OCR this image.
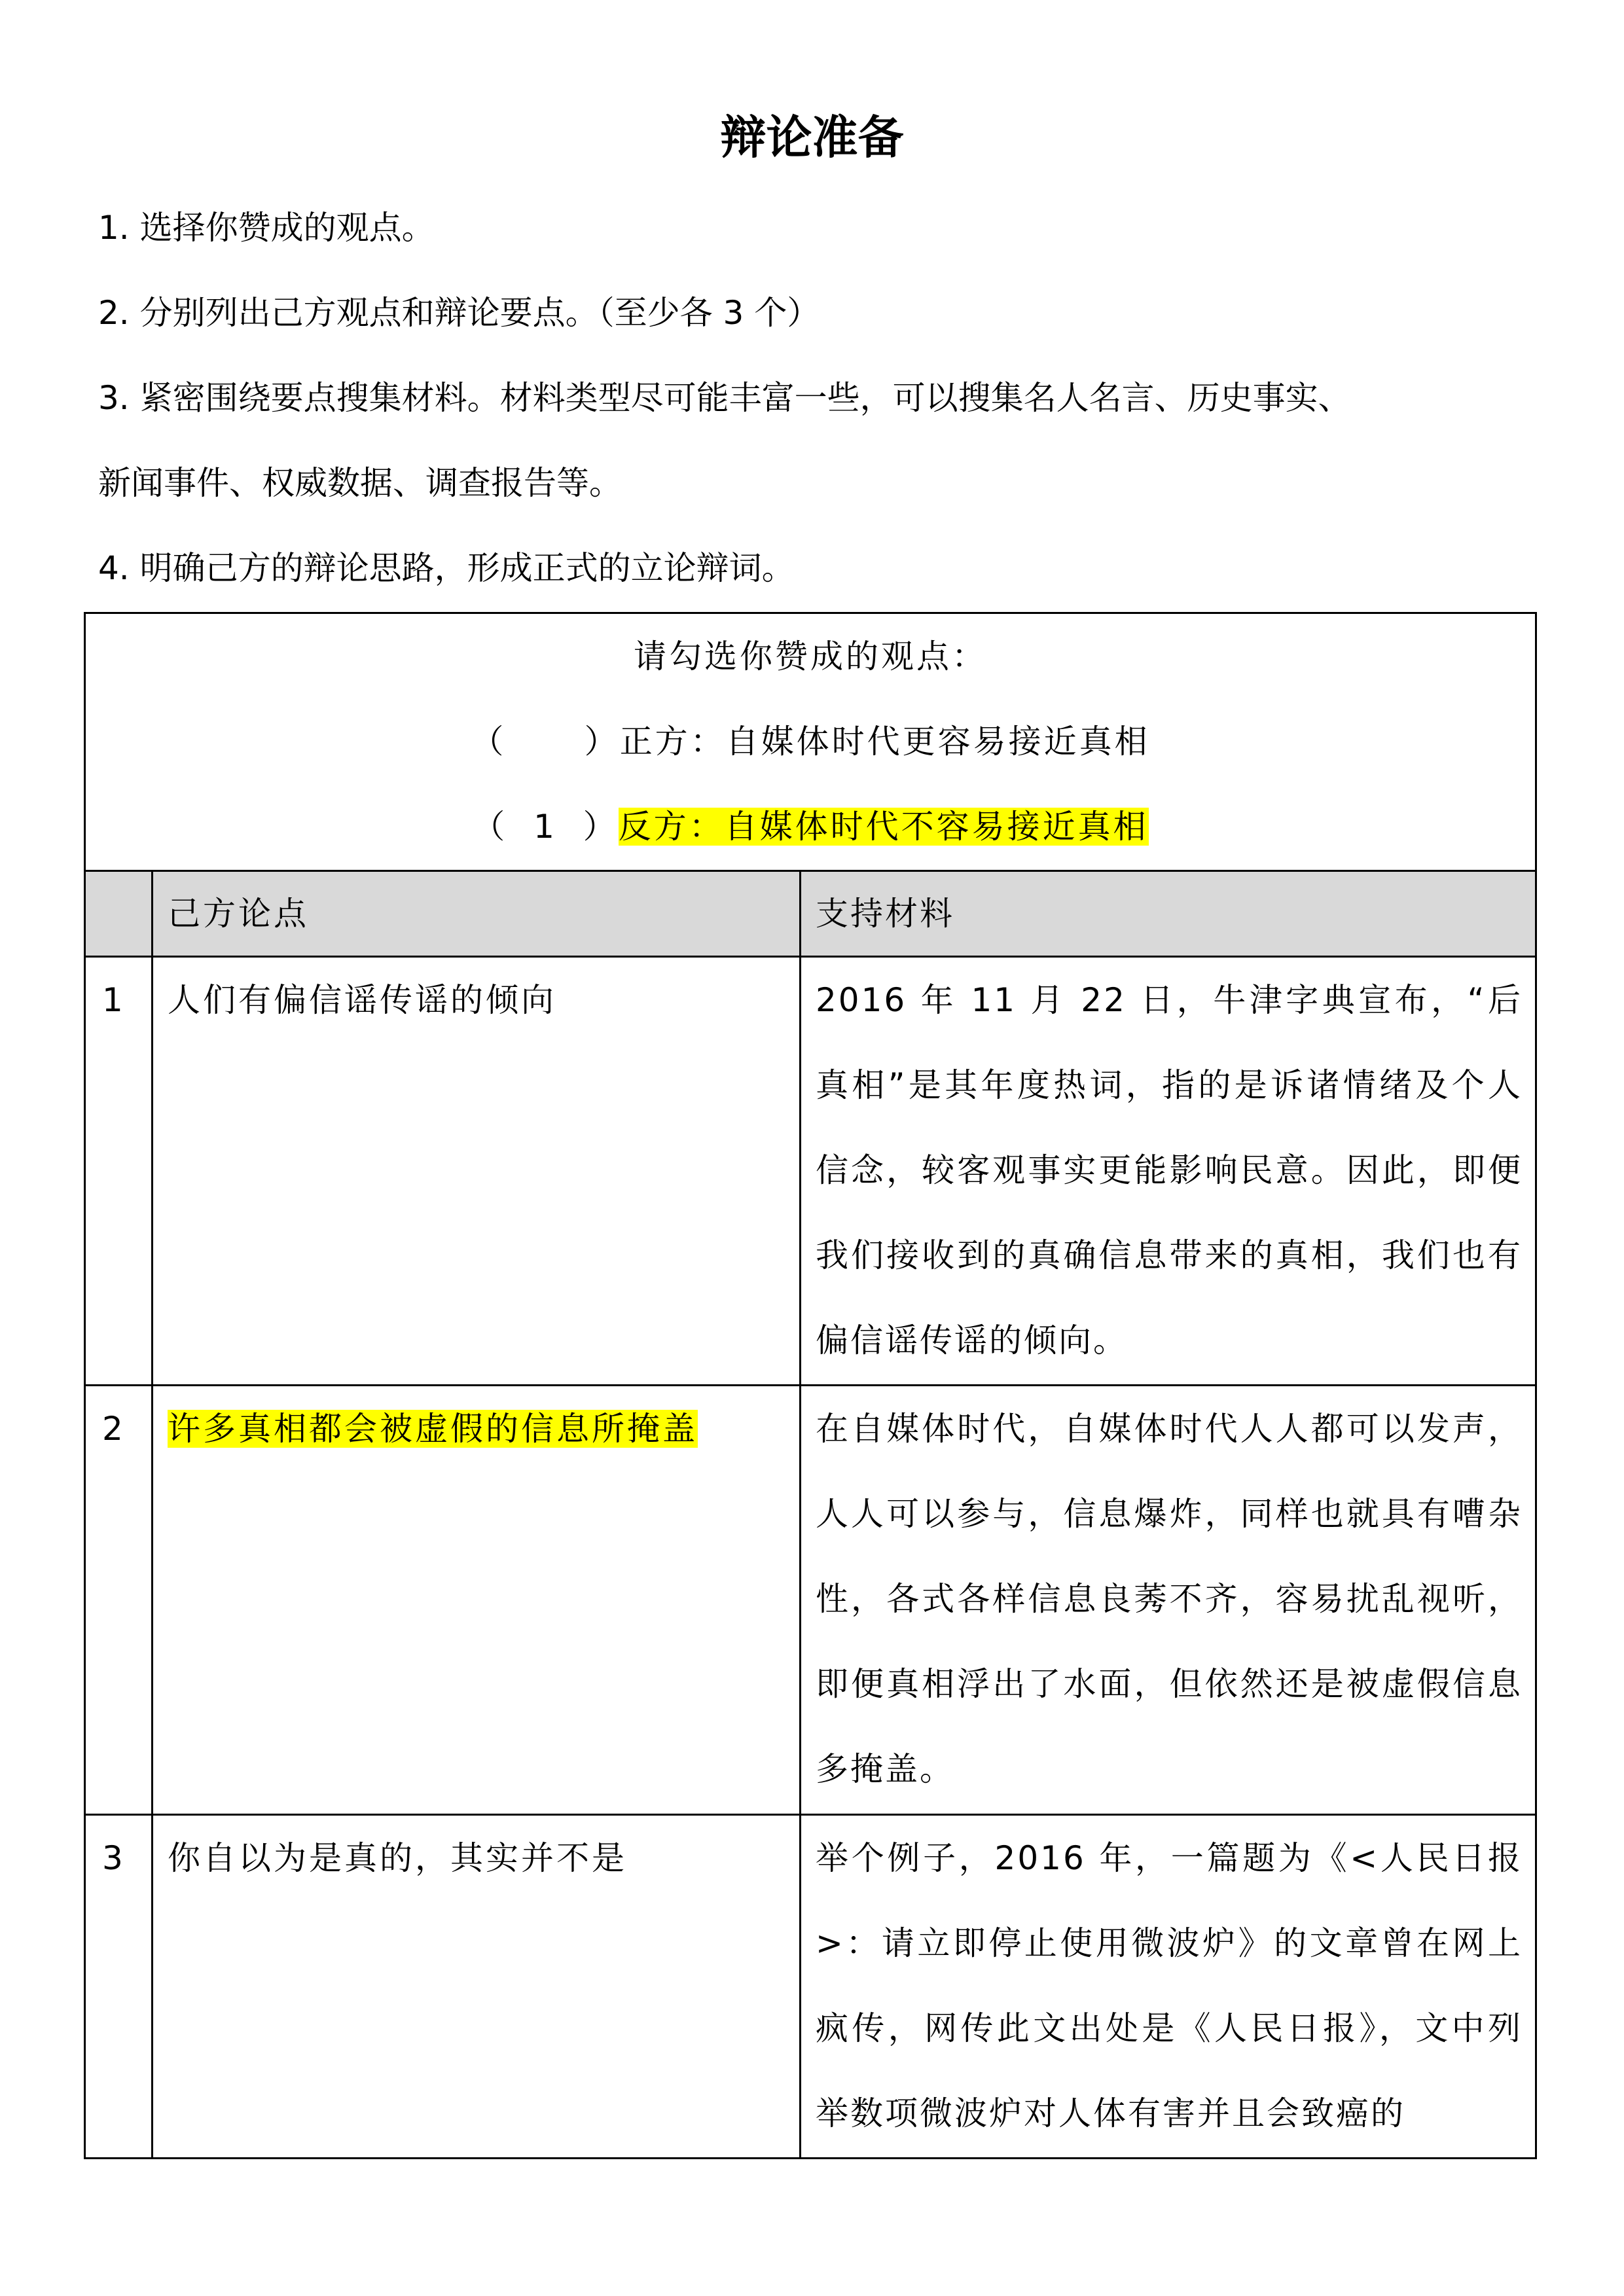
辩论准备
1. 选择你赞成的观点。
2. 分别列出己方观点和辩论要点。（至少各 3 个）
3. 紧密围绕要点搜集材料。材料类型尽可能丰富一些，可以搜集名人名言、历史事实、
新闻事件、权威数据、调查报告等。
4. 明确己方的辩论思路，形成正式的立论辩词。
请勾选你赞成的观点：
（      ）正方：自媒体时代更容易接近真相
（  1  ）反方：自媒体时代不容易接近真相
己方论点	支持材料
1 人们有偏信谣传谣的倾向	2016 年 11 月 22 日，牛津字典宣布，“后真相”是其年度热词，指的是诉诸情绪及个人信念，较客观事实更能影响民意。因此，即便我们接收到的真确信息带来的真相，我们也有偏信谣传谣的倾向。
2 许多真相都会被虚假的信息所掩盖	在自媒体时代，自媒体时代人人都可以发声，人人可以参与，信息爆炸，同样也就具有嘈杂性，各式各样信息良莠不齐，容易扰乱视听，即便真相浮出了水面，但依然还是被虚假信息多掩盖。
3 你自以为是真的，其实并不是	举个例子，2016 年，一篇题为《<人民日报>：请立即停止使用微波炉》的文章曾在网上疯传，网传此文出处是《人民日报》，文中列举数项微波炉对人体有害并且会致癌的
